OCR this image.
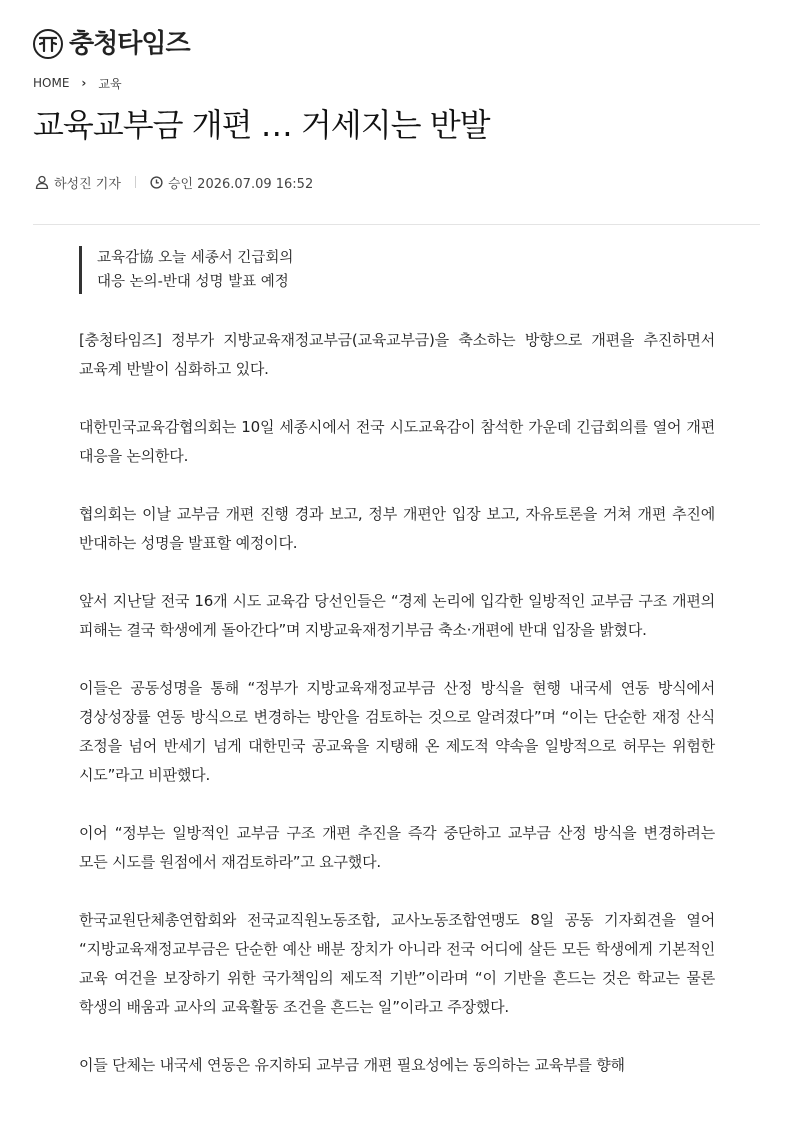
충청타임즈
HOME › 교육
교육교부금 개편 … 거세지는 반발
하성진 기자	승인 2026.07.09 16:52
교육감協 오늘 세종서 긴급회의
대응 논의-반대 성명 발표 예정

[충청타임즈] 정부가 지방교육재정교부금(교육교부금)을 축소하는 방향으로 개편을 추진하면서 교육계 반발이 심화하고 있다.

대한민국교육감협의회는 10일 세종시에서 전국 시도교육감이 참석한 가운데 긴급회의를 열어 개편 대응을 논의한다.

협의회는 이날 교부금 개편 진행 경과 보고, 정부 개편안 입장 보고, 자유토론을 거쳐 개편 추진에 반대하는 성명을 발표할 예정이다.

앞서 지난달 전국 16개 시도 교육감 당선인들은 “경제 논리에 입각한 일방적인 교부금 구조 개편의 피해는 결국 학생에게 돌아간다”며 지방교육재정기부금 축소·개편에 반대 입장을 밝혔다.

이들은 공동성명을 통해 “정부가 지방교육재정교부금 산정 방식을 현행 내국세 연동 방식에서 경상성장률 연동 방식으로 변경하는 방안을 검토하는 것으로 알려졌다”며 “이는 단순한 재정 산식 조정을 넘어 반세기 넘게 대한민국 공교육을 지탱해 온 제도적 약속을 일방적으로 허무는 위험한 시도”라고 비판했다.

이어 “정부는 일방적인 교부금 구조 개편 추진을 즉각 중단하고 교부금 산정 방식을 변경하려는 모든 시도를 원점에서 재검토하라”고 요구했다.

한국교원단체총연합회와 전국교직원노동조합, 교사노동조합연맹도 8일 공동 기자회견을 열어 “지방교육재정교부금은 단순한 예산 배분 장치가 아니라 전국 어디에 살든 모든 학생에게 기본적인 교육 여건을 보장하기 위한 국가책임의 제도적 기반”이라며 “이 기반을 흔드는 것은 학교는 물론 학생의 배움과 교사의 교육활동 조건을 흔드는 일”이라고 주장했다.

이들 단체는 내국세 연동은 유지하되 교부금 개편 필요성에는 동의하는 교육부를 향해
